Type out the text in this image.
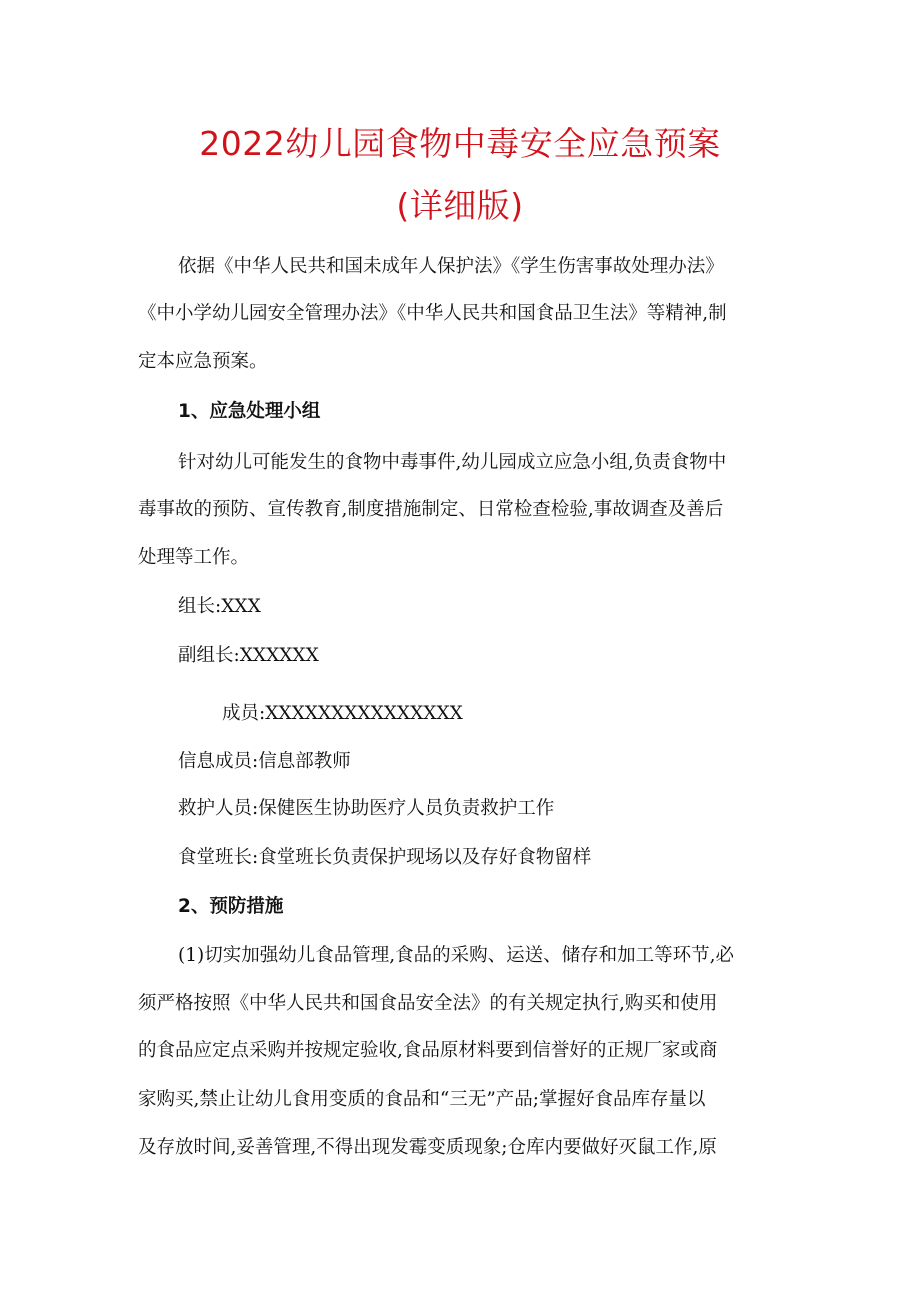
2022幼儿园食物中毒安全应急预案
(详细版)
依据《中华人民共和国未成年人保护法》《学生伤害事故处理办法》
《中小学幼儿园安全管理办法》《中华人民共和国食品卫生法》等精神,制
定本应急预案。
1、应急处理小组
针对幼儿可能发生的食物中毒事件,幼儿园成立应急小组,负责食物中
毒事故的预防、宣传教育,制度措施制定、日常检查检验,事故调查及善后
处理等工作。
组长:XXX
副组长:XXXXXX
成员:XXXXXXXXXXXXXXX
信息成员:信息部教师
救护人员:保健医生协助医疗人员负责救护工作
食堂班长:食堂班长负责保护现场以及存好食物留样
2、预防措施
(1)切实加强幼儿食品管理,食品的采购、运送、储存和加工等环节,必
须严格按照《中华人民共和国食品安全法》的有关规定执行,购买和使用
的食品应定点采购并按规定验收,食品原材料要到信誉好的正规厂家或商
家购买,禁止让幼儿食用变质的食品和“三无”产品;掌握好食品库存量以
及存放时间,妥善管理,不得出现发霉变质现象;仓库内要做好灭鼠工作,原
